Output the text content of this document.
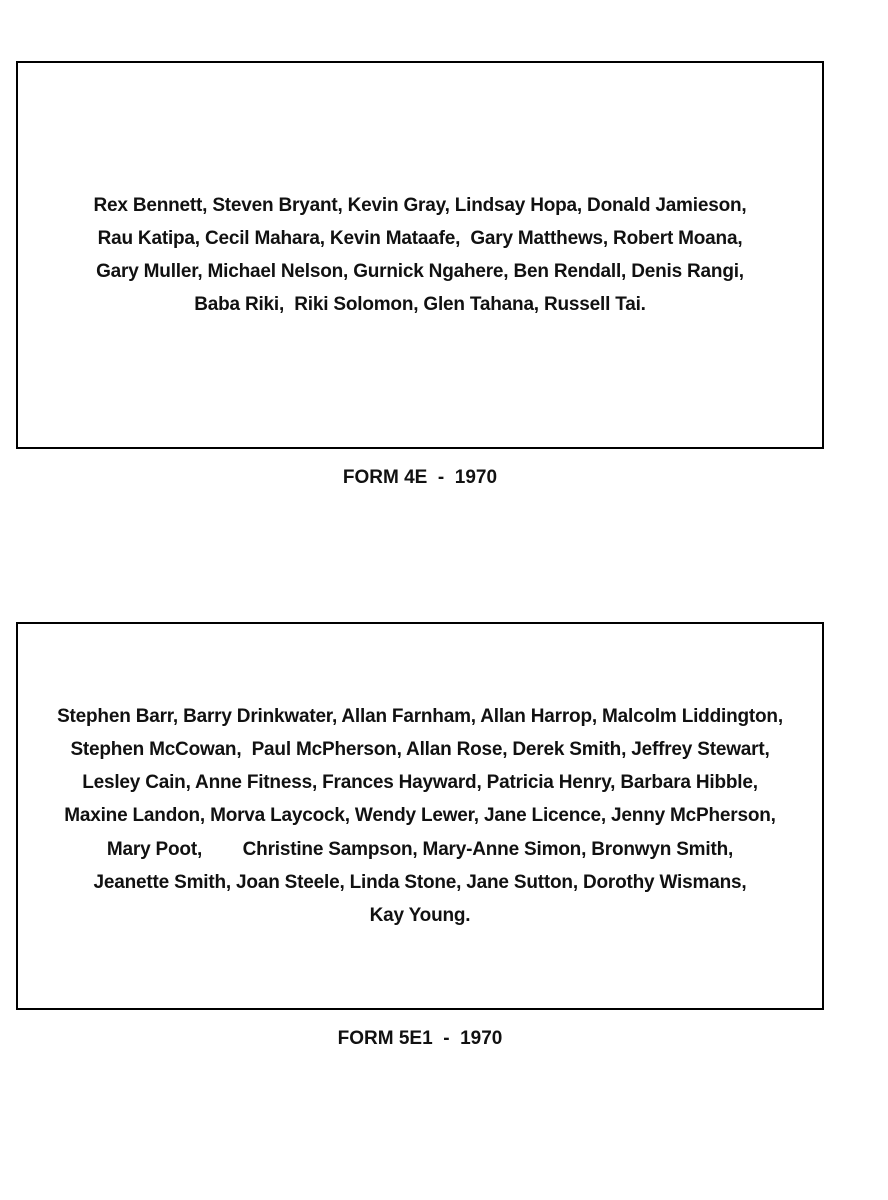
Rex Bennett, Steven Bryant, Kevin Gray, Lindsay Hopa, Donald Jamieson,
Rau Katipa, Cecil Mahara, Kevin Mataafe,  Gary Matthews, Robert Moana,
Gary Muller, Michael Nelson, Gurnick Ngahere, Ben Rendall, Denis Rangi,
Baba Riki,  Riki Solomon, Glen Tahana, Russell Tai.

FORM 4E  -  1970

Stephen Barr, Barry Drinkwater, Allan Farnham, Allan Harrop, Malcolm Liddington,
Stephen McCowan,  Paul McPherson, Allan Rose, Derek Smith, Jeffrey Stewart,
Lesley Cain, Anne Fitness, Frances Hayward, Patricia Henry, Barbara Hibble,
Maxine Landon, Morva Laycock, Wendy Lewer, Jane Licence, Jenny McPherson,
Mary Poot,        Christine Sampson, Mary-Anne Simon, Bronwyn Smith,
Jeanette Smith, Joan Steele, Linda Stone, Jane Sutton, Dorothy Wismans,
Kay Young.

FORM 5E1  -  1970
